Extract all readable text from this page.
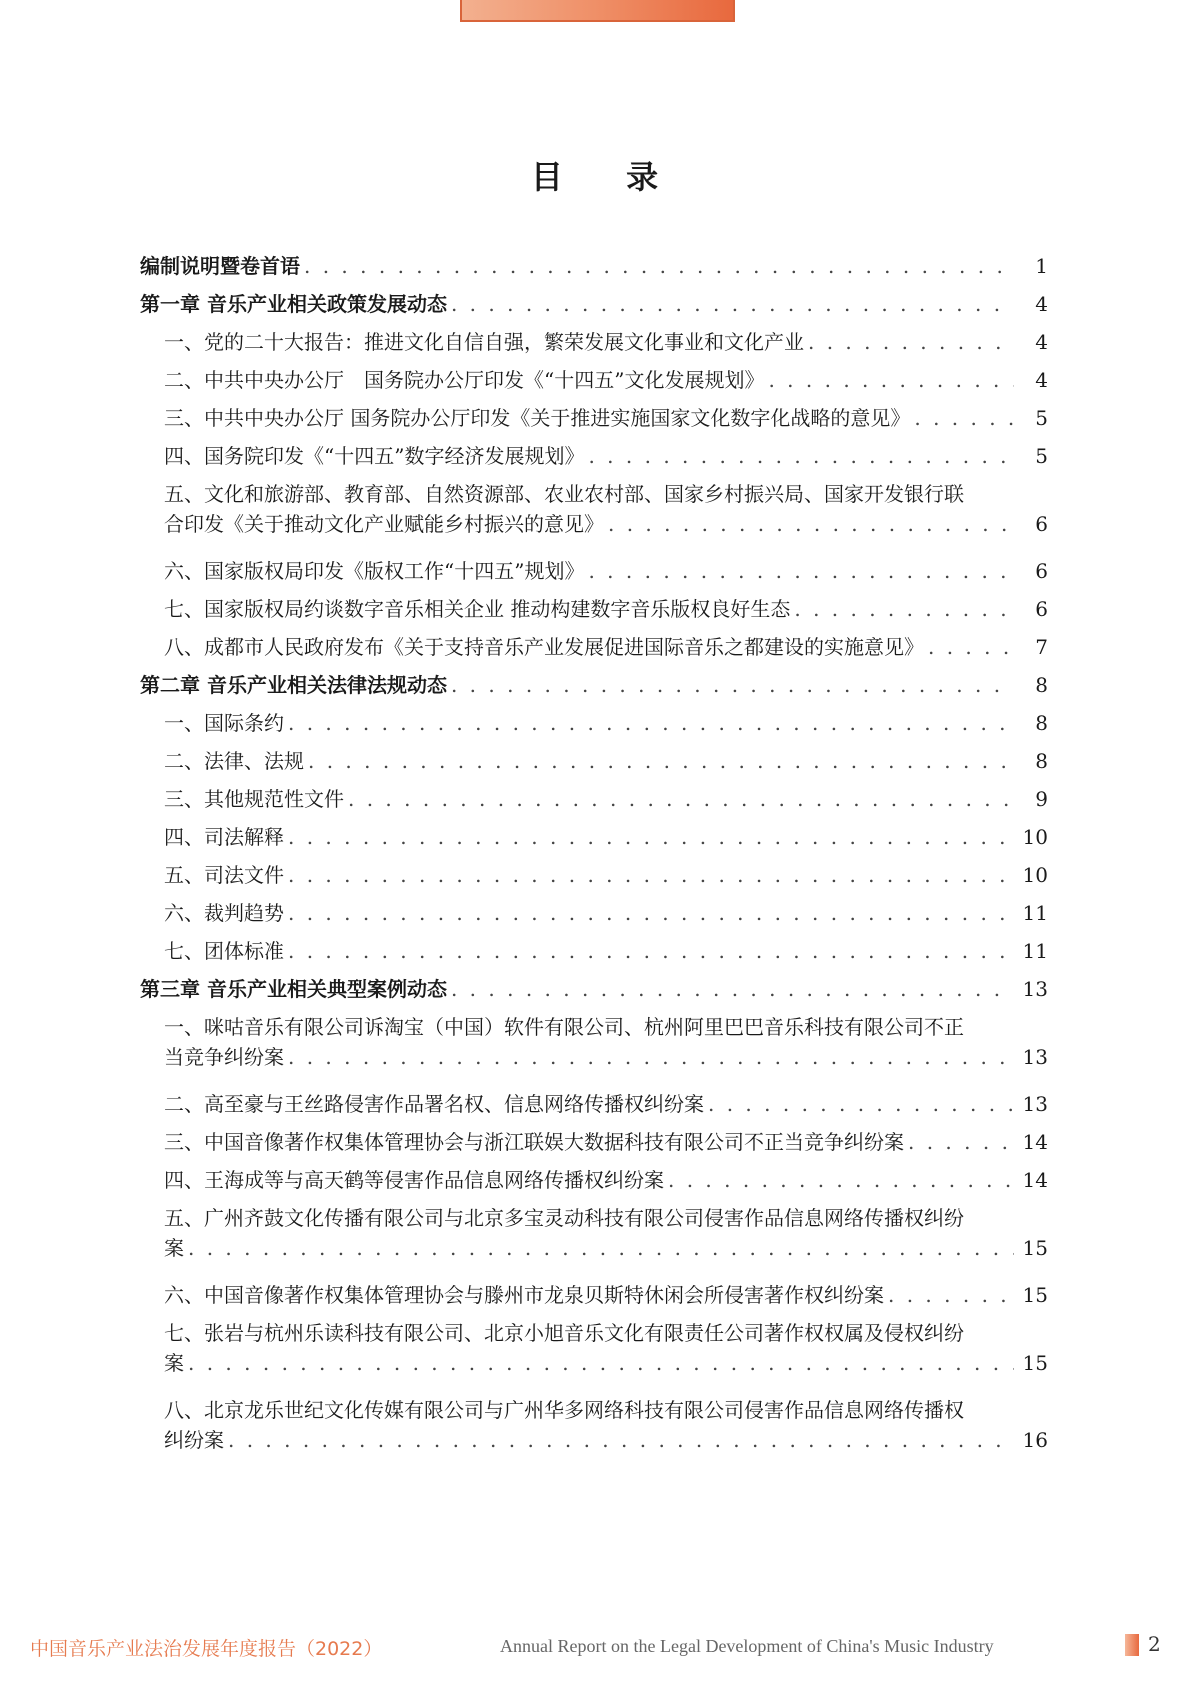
目 录
编制说明暨卷首语 . . .	1
第一章 音乐产业相关政策发展动态 . . .	4
一、党的二十大报告：推进文化自信自强，繁荣发展文化事业和文化产业 . . .	4
二、中共中央办公厅　国务院办公厅印发《“十四五”文化发展规划》 . . .	4
三、中共中央办公厅 国务院办公厅印发《关于推进实施国家文化数字化战略的意见》 . . .	5
四、国务院印发《“十四五”数字经济发展规划》 . . .	5
五、文化和旅游部、教育部、自然资源部、农业农村部、国家乡村振兴局、国家开发银行联
合印发《关于推动文化产业赋能乡村振兴的意见》 . . .	6
六、国家版权局印发《版权工作“十四五”规划》 . . .	6
七、国家版权局约谈数字音乐相关企业 推动构建数字音乐版权良好生态 . . .	6
八、成都市人民政府发布《关于支持音乐产业发展促进国际音乐之都建设的实施意见》 . . .	7
第二章 音乐产业相关法律法规动态 . . .	8
一、国际条约 . . .	8
二、法律、法规 . . .	8
三、其他规范性文件 . . .	9
四、司法解释 . . .	10
五、司法文件 . . .	10
六、裁判趋势 . . .	11
七、团体标准 . . .	11
第三章 音乐产业相关典型案例动态 . . .	13
一、咪咕音乐有限公司诉淘宝（中国）软件有限公司、杭州阿里巴巴音乐科技有限公司不正
当竞争纠纷案 . . .	13
二、高至豪与王丝路侵害作品署名权、信息网络传播权纠纷案 . . .	13
三、中国音像著作权集体管理协会与浙江联娱大数据科技有限公司不正当竞争纠纷案 . . .	14
四、王海成等与高天鹤等侵害作品信息网络传播权纠纷案 . . .	14
五、广州齐鼓文化传播有限公司与北京多宝灵动科技有限公司侵害作品信息网络传播权纠纷
案 . . .	15
六、中国音像著作权集体管理协会与滕州市龙泉贝斯特休闲会所侵害著作权纠纷案 . . .	15
七、张岩与杭州乐读科技有限公司、北京小旭音乐文化有限责任公司著作权权属及侵权纠纷
案 . . .	15
八、北京龙乐世纪文化传媒有限公司与广州华多网络科技有限公司侵害作品信息网络传播权
纠纷案 . . .	16
中国音乐产业法治发展年度报告（2022）	Annual Report on the Legal Development of China's Music Industry	2
